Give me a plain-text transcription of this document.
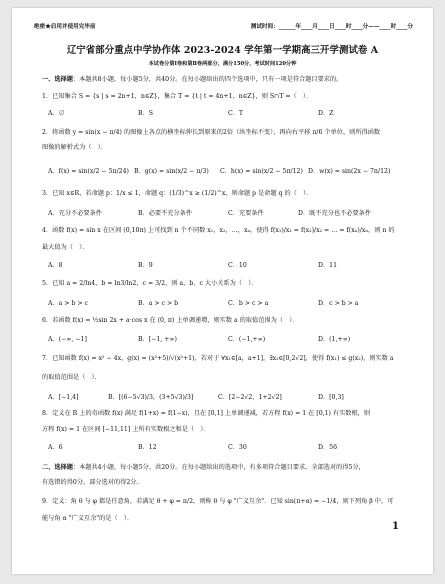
绝密★启用并使用完毕前	测试时间：______年____月____日____时____分——____时____分
辽宁省部分重点中学协作体 2023-2024 学年第一学期高三开学测试卷 A
本试卷分第Ⅰ卷和第Ⅱ卷两部分，满分150分，考试时间120分钟
一、选择题：本题共8小题，每小题5分，共40分。在每小题给出的四个选项中，只有一项是符合题目要求的。
1．已知集合 S = {s | s = 2n+1，n∈Z}，集合 T = {t | t = 4n+1，n∈Z}，则 S∩T =（　）．
A．∅	B．S	C．T	D．Z
2．将函数 y = sin(x − π/4) 的图像上各点的横坐标伸长到原来的2倍（纵坐标不变），再向右平移 π/6 个单位，则所得函数
图像的解析式为（　）．
A．f(x) = sin(x/2 − 5π/24) B．g(x) = sin(x/2 − π/3) C．h(x) = sin(x/2 − 5π/12) D．w(x) = sin(2x − 7π/12)
3．已知 x∈R，若命题 p：1/x ≤ 1，命题 q：(1/3)^x ≥ (1/2)^x，则命题 p 是命题 q 的（　）．
A．充分不必要条件	B．必要不充分条件	C．充要条件	D．既不充分也不必要条件
4．函数 f(x) = sin x 在区间 (0,10π) 上可找到 n 个不同数 x₁，x₂，…，xₙ，使得 f(x₁)/x₁ = f(x₂)/x₂ = … = f(xₙ)/xₙ，则 n 的
最大值为（　）．
A．8	B．9	C．10	D．11
5．已知 a = 2/ln4，b = ln3/ln2，c = 3/2，则 a、b、c 大小关系为（　）．
A．a > b > c	B．a > c > b	C．b > c > a	D．c > b > a
6．若函数 f(x) = ½sin 2x + a·cos x 在 (0, π) 上单调递增，则实数 a 的取值范围为（　）．
A．(−∞, −1]	B．[−1, +∞)	C．(−1,+∞)	D．(1,+∞)
7．已知函数 f(x) = x² − 4x，g(x) = (x²+5)/√(x²+1)，若对于 ∀x₁∈[a，a+1]，∃x₂∈[0,2√2]，使得 f(x₁) ≤ g(x₂)，则实数 a
的取值范围是（　）．
A．[−1,4]	B．[(6−5√3)/3，(3+5√3)/3]	C．[2−2√2，1+2√2]	D．[0,3]
8．定义在 R 上的奇函数 f(x) 满足 f(1+x) = f(1−x)，且在 [0,1] 上单调递减，若方程 f(x) = 1 在 [0,1) 有实数根，则
方程 f(x) = 1 在区间 [−11,11] 上所有实数根之和是（　）．
A．6	B．12	C．30	D．56
二、选择题：本题共4小题，每小题5分，共20分。在每小题给出的选项中，有多项符合题目要求。全部选对的得5分，
有选错的得0分，部分选对的得2分。
9．定义：角 θ 与 φ 都是任意角，若满足 θ + φ = π/2，则称 θ 与 φ "广义互余"．已知 sin(π+α) = −1/4，则下列角 β 中，可
能与角 α "广义互余"的是（　）．
1
